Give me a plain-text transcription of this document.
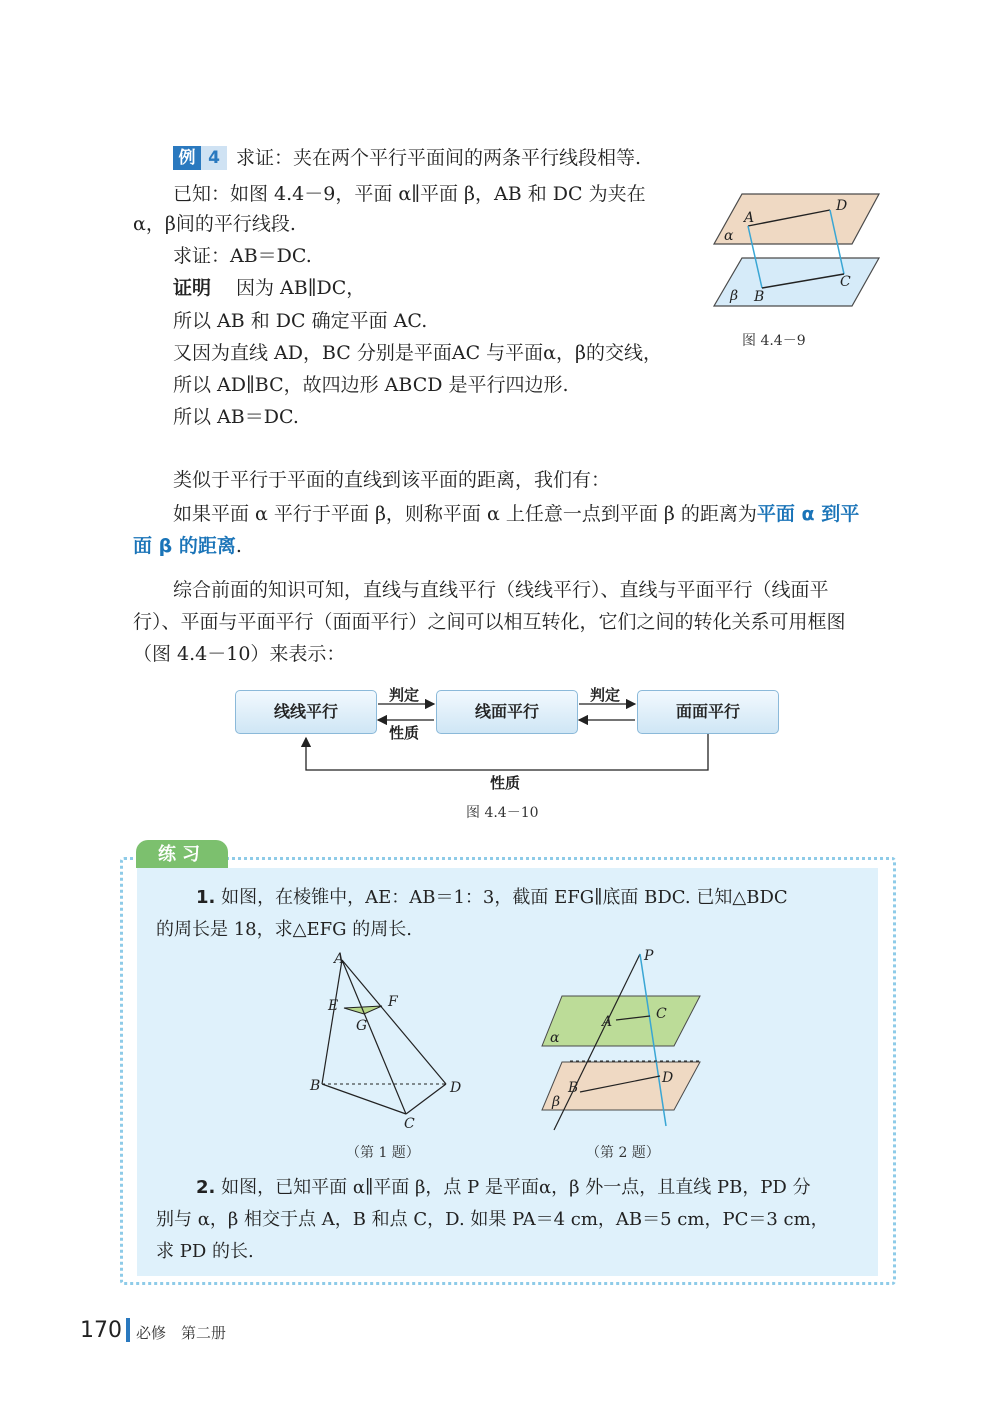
例 4 求证：夹在两个平行平面间的两条平行线段相等.
已知：如图 4.4－9，平面 α∥平面 β，AB 和 DC 为夹在
α，β间的平行线段.
求证：AB＝DC.
证明 因为 AB∥DC，
所以 AB 和 DC 确定平面 AC.
又因为直线 AD，BC 分别是平面AC 与平面α，β的交线，
所以 AD∥BC，故四边形 ABCD 是平行四边形.
所以 AB＝DC.
α
A
D
β B
C
图 4.4－9
类似于平行于平面的直线到该平面的距离，我们有：
如果平面 α 平行于平面 β，则称平面 α 上任意一点到平面 β 的距离为平面 α 到平
面 β 的距离.
综合前面的知识可知，直线与直线平行（线线平行）、直线与平面平行（线面平
行）、平面与平面平行（面面平行）之间可以相互转化，它们之间的转化关系可用框图
（图 4.4－10）来表示：
线线平行	线面平行	面面平行
判定
性质
判定
性质
图 4.4－10
练习
1. 如图，在棱锥中，AE：AB＝1：3，截面 EFG∥底面 BDC. 已知△BDC
的周长是 18，求△EFG 的周长.
A
E	F
G
B	D
C
（第 1 题）
P
A	C
α
B
D
β
（第 2 题）
2. 如图，已知平面 α∥平面 β，点 P 是平面α，β 外一点，且直线 PB，PD 分
别与 α，β 相交于点 A，B 和点 C，D. 如果 PA＝4 cm，AB＝5 cm，PC＝3 cm，
求 PD 的长.
170 必修　第二册
